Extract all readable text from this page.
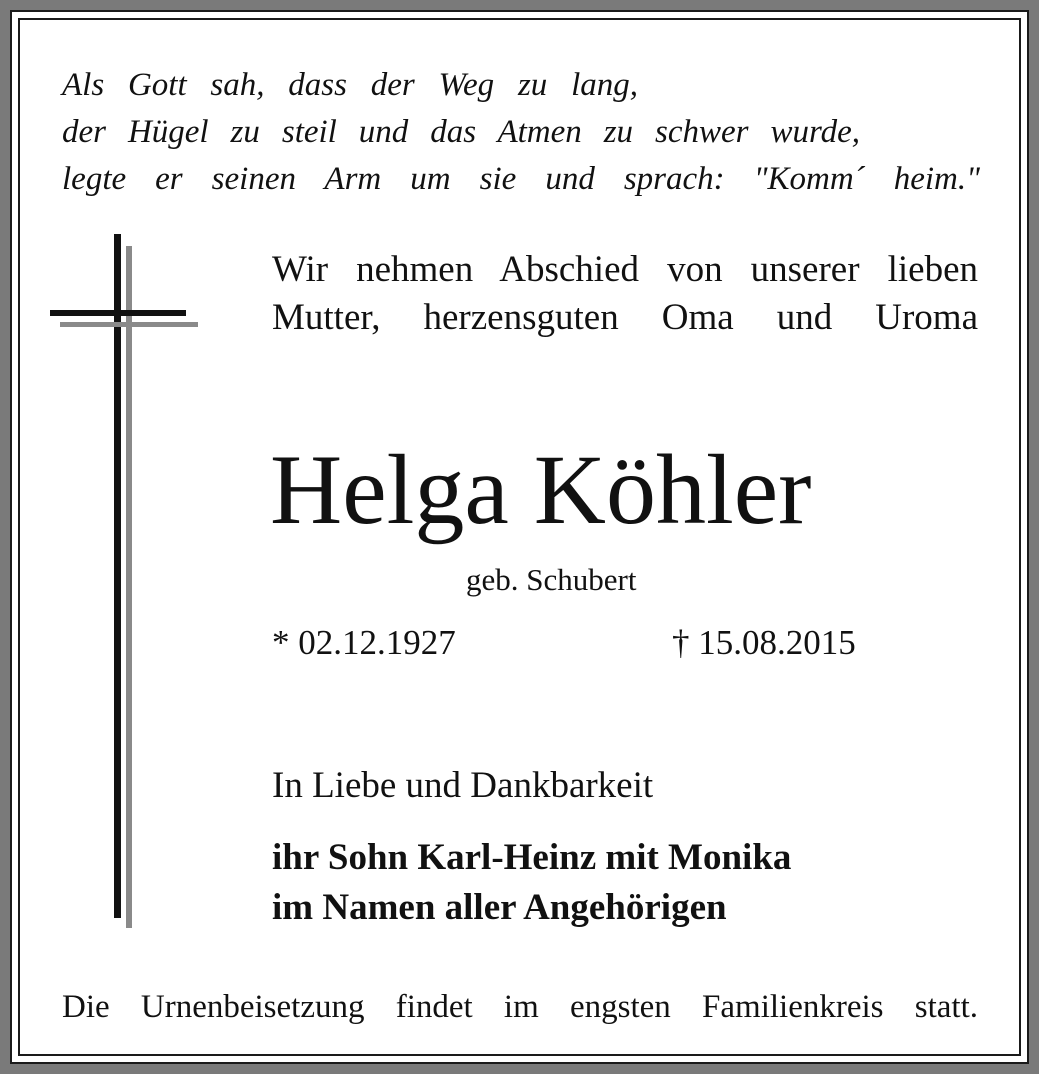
Als Gott sah, dass der Weg zu lang,
der Hügel zu steil und das Atmen zu schwer wurde,
legte er seinen Arm um sie und sprach: "Komm´ heim."
Wir nehmen Abschied von unserer lieben
Mutter, herzensguten Oma und Uroma
Helga Köhler
geb. Schubert
* 02.12.1927	† 15.08.2015
In Liebe und Dankbarkeit
ihr Sohn Karl-Heinz mit Monika
im Namen aller Angehörigen
Die Urnenbeisetzung findet im engsten Familienkreis statt.
